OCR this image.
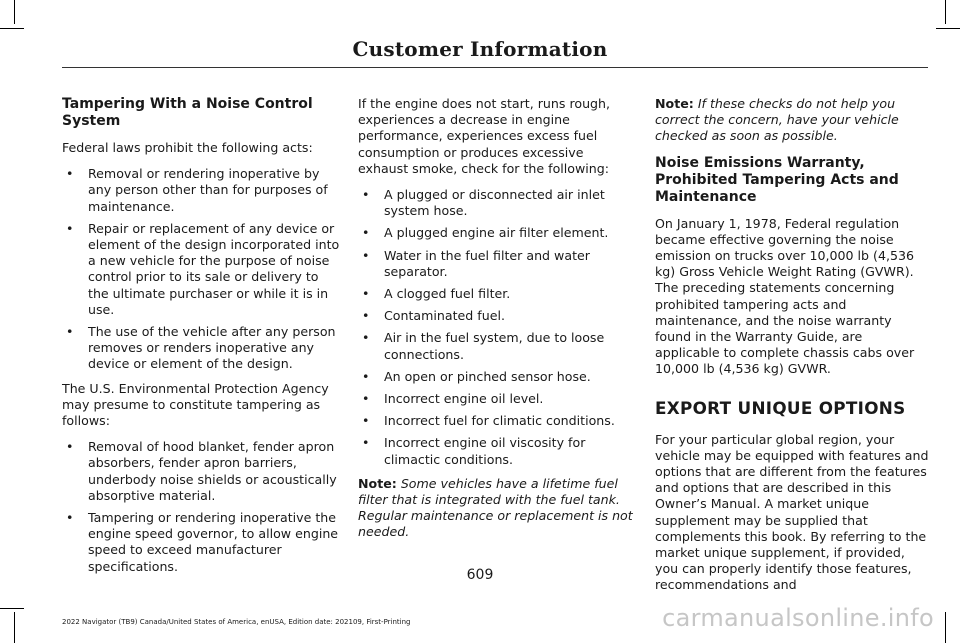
Customer Information
Tampering With a Noise Control System

Federal laws prohibit the following acts:

• Removal or rendering inoperative by any person other than for purposes of maintenance.
• Repair or replacement of any device or element of the design incorporated into a new vehicle for the purpose of noise control prior to its sale or delivery to the ultimate purchaser or while it is in use.
• The use of the vehicle after any person removes or renders inoperative any device or element of the design.

The U.S. Environmental Protection Agency may presume to constitute tampering as follows:

• Removal of hood blanket, fender apron absorbers, fender apron barriers, underbody noise shields or acoustically absorptive material.
• Tampering or rendering inoperative the engine speed governor, to allow engine speed to exceed manufacturer specifications.

If the engine does not start, runs rough, experiences a decrease in engine performance, experiences excess fuel consumption or produces excessive exhaust smoke, check for the following:

• A plugged or disconnected air inlet system hose.
• A plugged engine air filter element.
• Water in the fuel filter and water separator.
• A clogged fuel filter.
• Contaminated fuel.
• Air in the fuel system, due to loose connections.
• An open or pinched sensor hose.
• Incorrect engine oil level.
• Incorrect fuel for climatic conditions.
• Incorrect engine oil viscosity for climactic conditions.

Note: Some vehicles have a lifetime fuel filter that is integrated with the fuel tank. Regular maintenance or replacement is not needed.

Note: If these checks do not help you correct the concern, have your vehicle checked as soon as possible.

Noise Emissions Warranty, Prohibited Tampering Acts and Maintenance

On January 1, 1978, Federal regulation became effective governing the noise emission on trucks over 10,000 lb (4,536 kg) Gross Vehicle Weight Rating (GVWR). The preceding statements concerning prohibited tampering acts and maintenance, and the noise warranty found in the Warranty Guide, are applicable to complete chassis cabs over 10,000 lb (4,536 kg) GVWR.

EXPORT UNIQUE OPTIONS

For your particular global region, your vehicle may be equipped with features and options that are different from the features and options that are described in this Owner’s Manual. A market unique supplement may be supplied that complements this book. By referring to the market unique supplement, if provided, you can properly identify those features, recommendations and

609
2022 Navigator (TB9) Canada/United States of America, enUSA, Edition date: 202109, First-Printing	carmanualsonline.info
